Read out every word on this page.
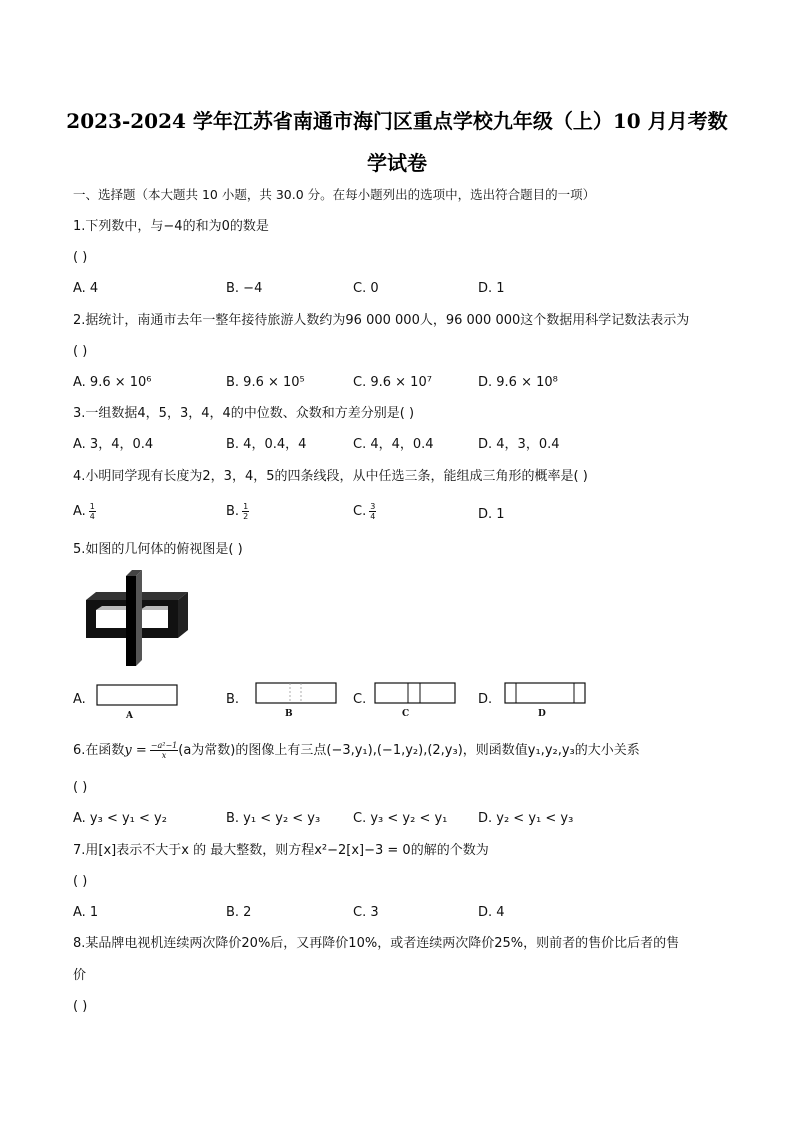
2023-2024 学年江苏省南通市海门区重点学校九年级（上）10 月月考数
学试卷
一、选择题（本大题共 10 小题，共 30.0 分。在每小题列出的选项中，选出符合题目的一项）
1.下列数中，与−4的和为0的数是
( )
A. 4	B. −4	C. 0	D. 1
2.据统计，南通市去年一整年接待旅游人数约为96 000 000人，96 000 000这个数据用科学记数法表示为
( )
A. 9.6 × 10⁶	B. 9.6 × 10⁵	C. 9.6 × 10⁷	D. 9.6 × 10⁸
3.一组数据4，5，3，4，4的中位数、众数和方差分别是( )
A. 3，4，0.4	B. 4，0.4，4	C. 4，4，0.4	D. 4，3，0.4
4.小明同学现有长度为2，3，4，5的四条线段，从中任选三条，能组成三角形的概率是( )
A. $\frac{1}{4}$	B. $\frac{1}{2}$	C. $\frac{3}{4}$	D. 1
5.如图的几何体的俯视图是( )
A.
A
B.
B
C.
C
D.
D
6.在函数$y = \frac{\text{−a²−1}}{x} (a$为常数)的图像上有三点(−3,y₁),(−1,y₂),(2,y₃)，则函数值y₁,y₂,y₃的大小关系
( )
A. y₃ < y₁ < y₂	B. y₁ < y₂ < y₃	C. y₃ < y₂ < y₁ D. y₂ < y₁ < y₃
7.用[x]表示不大于x 的 最大整数，则方程x²−2[x]−3 = 0的解的个数为
( )
A. 1	B. 2	C. 3	D. 4
8.某品牌电视机连续两次降价20%后，又再降价10%，或者连续两次降价25%，则前者的售价比后者的售
价
( )
